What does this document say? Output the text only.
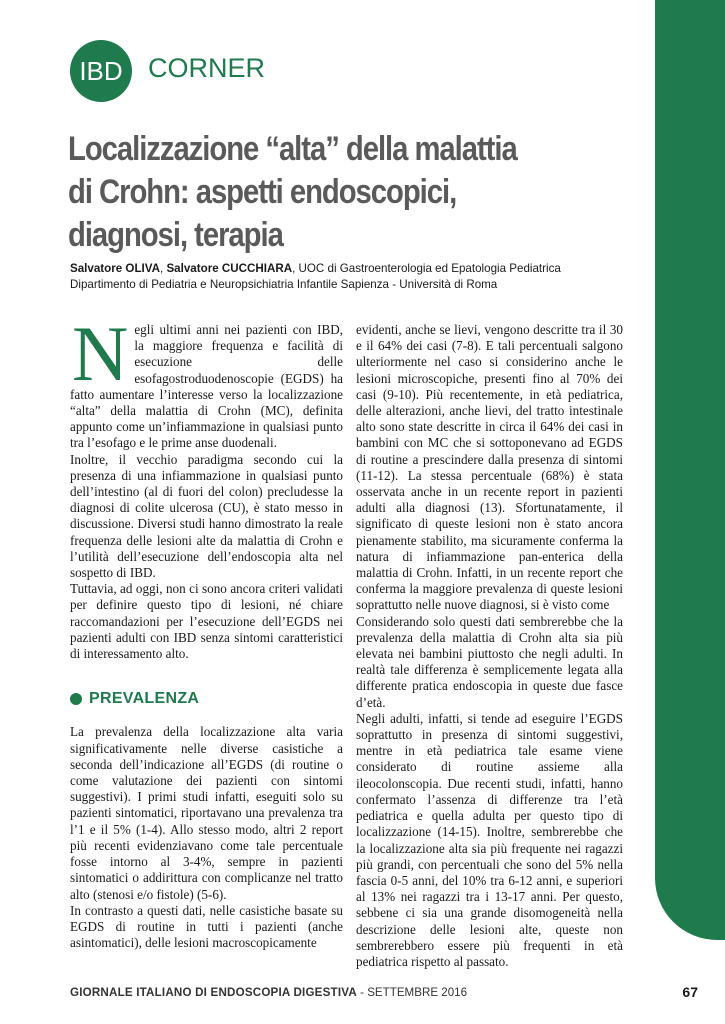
IBD CORNER
Localizzazione “alta” della malattia
di Crohn: aspetti endoscopici,
diagnosi, terapia
Salvatore OLIVA, Salvatore CUCCHIARA, UOC di Gastroenterologia ed Epatologia Pediatrica
Dipartimento di Pediatria e Neuropsichiatria Infantile Sapienza - Università di Roma

Negli ultimi anni nei pazienti con IBD, la maggiore frequenza e facilità di esecuzione delle esofagostroduodenoscopie (EGDS) ha fatto aumentare l’interesse verso la localizzazione “alta” della malattia di Crohn (MC), definita appunto come un’infiammazione in qualsiasi punto tra l’esofago e le prime anse duodenali.

Inoltre, il vecchio paradigma secondo cui la presenza di una infiammazione in qualsiasi punto dell’intestino (al di fuori del colon) precludesse la diagnosi di colite ulcerosa (CU), è stato messo in discussione. Diversi studi hanno dimostrato la reale frequenza delle lesioni alte da malattia di Crohn e l’utilità dell’esecuzione dell’endoscopia alta nel sospetto di IBD.

Tuttavia, ad oggi, non ci sono ancora criteri validati per definire questo tipo di lesioni, né chiare raccomandazioni per l’esecuzione dell’EGDS nei pazienti adulti con IBD senza sintomi caratteristici di interessamento alto.

PREVALENZA

La prevalenza della localizzazione alta varia significativamente nelle diverse casistiche a seconda dell’indicazione all’EGDS (di routine o come valutazione dei pazienti con sintomi suggestivi). I primi studi infatti, eseguiti solo su pazienti sintomatici, riportavano una prevalenza tra l’1 e il 5% (1-4). Allo stesso modo, altri 2 report più recenti evidenziavano come tale percentuale fosse intorno al 3-4%, sempre in pazienti sintomatici o addirittura con complicanze nel tratto alto (stenosi e/o fistole) (5-6).

In contrasto a questi dati, nelle casistiche basate su EGDS di routine in tutti i pazienti (anche asintomatici), delle lesioni macroscopicamente

evidenti, anche se lievi, vengono descritte tra il 30 e il 64% dei casi (7-8). E tali percentuali salgono ulteriormente nel caso si considerino anche le lesioni microscopiche, presenti fino al 70% dei casi (9-10). Più recentemente, in età pediatrica, delle alterazioni, anche lievi, del tratto intestinale alto sono state descritte in circa il 64% dei casi in bambini con MC che si sottoponevano ad EGDS di routine a prescindere dalla presenza di sintomi (11-12). La stessa percentuale (68%) è stata osservata anche in un recente report in pazienti adulti alla diagnosi (13). Sfortunatamente, il significato di queste lesioni non è stato ancora pienamente stabilito, ma sicuramente conferma la natura di infiammazione pan-enterica della malattia di Crohn. Infatti, in un recente report che conferma la maggiore prevalenza di queste lesioni soprattutto nelle nuove diagnosi, si è visto come

Considerando solo questi dati sembrerebbe che la prevalenza della malattia di Crohn alta sia più elevata nei bambini piuttosto che negli adulti. In realtà tale differenza è semplicemente legata alla differente pratica endoscopia in queste due fasce d’età.

Negli adulti, infatti, si tende ad eseguire l’EGDS soprattutto in presenza di sintomi suggestivi, mentre in età pediatrica tale esame viene considerato di routine assieme alla ileocolonscopia. Due recenti studi, infatti, hanno confermato l’assenza di differenze tra l’età pediatrica e quella adulta per questo tipo di localizzazione (14-15). Inoltre, sembrerebbe che la localizzazione alta sia più frequente nei ragazzi più grandi, con percentuali che sono del 5% nella fascia 0-5 anni, del 10% tra 6-12 anni, e superiori al 13% nei ragazzi tra i 13-17 anni. Per questo, sebbene ci sia una grande disomogeneità nella descrizione delle lesioni alte, queste non sembrerebbero essere più frequenti in età pediatrica rispetto al passato.

GIORNALE ITALIANO DI ENDOSCOPIA DIGESTIVA - SETTEMBRE 2016	67
